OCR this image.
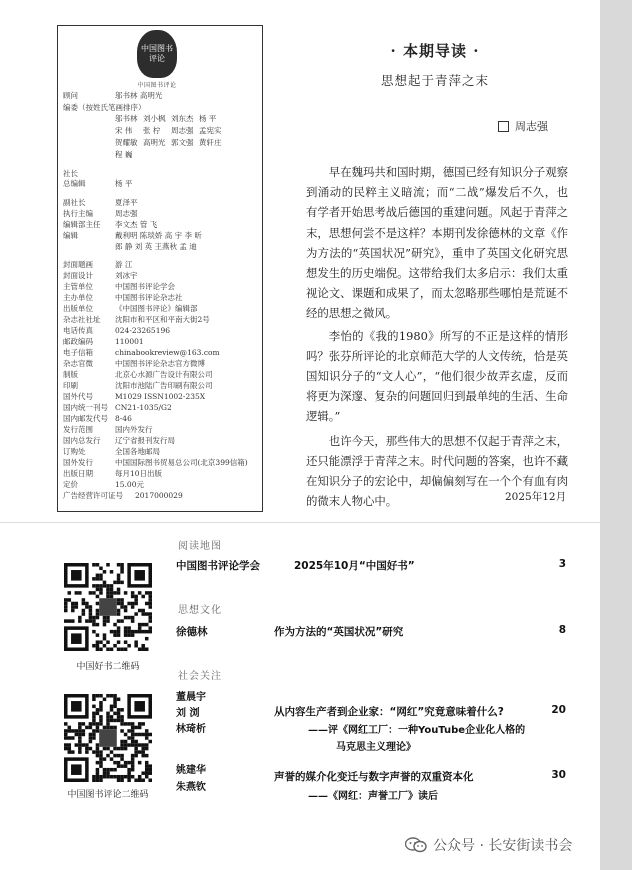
中国图书评论
中国图书评论
顾问	邬书林 高明光
编委（按姓氏笔画排序）
邬书林 刘小枫 刘东杰 杨 平
宋 伟	张 柠	周志强 孟宪实
贺耀敏 高明光 郭文强 黄轩庄
程 巍
社长
总编辑	杨 平
副社长	夏泽平
执行主编	周志强
编辑部主任	李文杰 管 飞
编辑	戴利明 陈琰娇 高 宇 李 昕
郎 静 刘 英 王燕秋 孟 迪
封面题画	游 江
封面设计	刘冰宇
主管单位	中国图书评论学会
主办单位	中国图书评论杂志社
出版单位	《中国图书评论》编辑部
杂志社社址	沈阳市和平区和平南大街2号
电话传真	024-23265196
邮政编码	110001
电子信箱	chinabookreview@163.com
杂志官微	中国图书评论杂志官方微博
制版	北京心水源广告设计有限公司
印刷	沈阳市池陆广告印刷有限公司
国外代号	M1029 ISSN1002-235X
国内统一刊号 CN21-1035/G2
国内邮发代号 8-46
发行范围	国内外发行
国内总发行	辽宁省报刊发行局
订购处	全国各地邮局
国外发行	中国国际图书贸易总公司(北京399信箱)
出版日期	每月10日出版
定价	15.00元
广告经营许可证号	2017000029
· 本期导读 ·
思想起于青萍之末
周志强

早在魏玛共和国时期，德国已经有知识分子观察到涌动的民粹主义暗流；而“二战”爆发后不久，也有学者开始思考战后德国的重建问题。风起于青萍之末，思想何尝不是这样？本期刊发徐德林的文章《作为方法的“英国状况”研究》，重申了英国文化研究思想发生的历史端倪。这带给我们太多启示：我们太重视论文、课题和成果了，而太忽略那些哪怕是荒诞不经的思想之微风。

李怡的《我的1980》所写的不正是这样的情形吗？张芬所评论的北京师范大学的人文传统，恰是英国知识分子的“文人心”，“他们很少故弄玄虚，反而将更为深邃、复杂的问题回归到最单纯的生活、生命逻辑。”

也许今天，那些伟大的思想不仅起于青萍之末，还只能漂浮于青萍之末。时代问题的答案，也许不藏在知识分子的宏论中，却偏偏刻写在一个个有血有肉的微末人物心中。	2025年12月
中国好书二维码
中国图书评论二维码
阅读地图
中国图书评论学会	2025年10月“中国好书”	3
思想文化
徐德林	作为方法的“英国状况”研究	8
社会关注
董晨宇
刘 浏
林琦析
从内容生产者到企业家：“网红”究竟意味着什么?	20
——评《网红工厂：一种YouTube企业化人格的
马克思主义理论》
姚建华
朱燕钦
声誉的媒介化变迁与数字声誉的双重资本化	30
——《网红：声誉工厂》读后
公众号 · 长安街读书会
